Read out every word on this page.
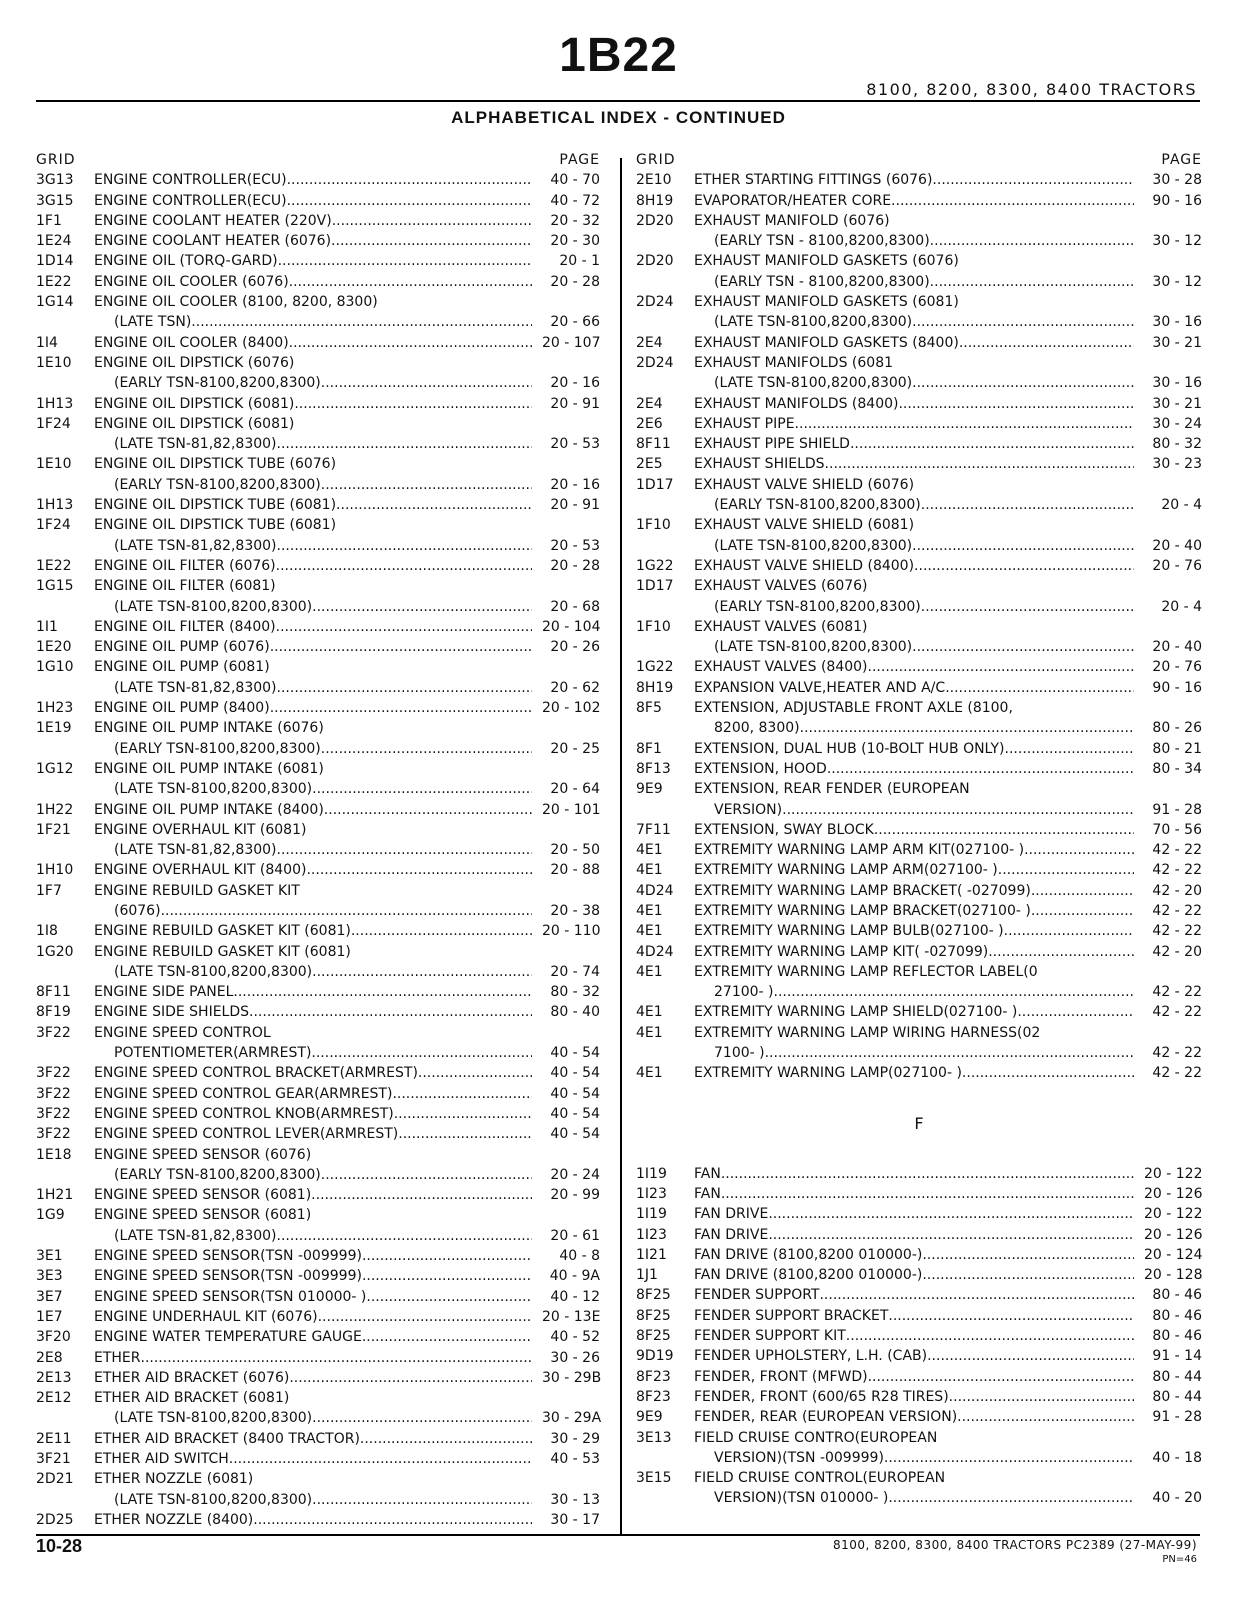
1B22
8100, 8200, 8300, 8400 TRACTORS
ALPHABETICAL INDEX - CONTINUED
GRID	PAGE
3G13	ENGINE CONTROLLER(ECU) .....	40 - 70
3G15	ENGINE CONTROLLER(ECU) .....	40 - 72
1F1	ENGINE COOLANT HEATER (220V) .....	20 - 32
1E24	ENGINE COOLANT HEATER (6076) .....	20 - 30
1D14	ENGINE OIL (TORQ-GARD) .....	20 - 1
1E22	ENGINE OIL COOLER (6076) .....	20 - 28
1G14	ENGINE OIL COOLER (8100, 8200, 8300)
(LATE TSN) .....	20 - 66
1I4	ENGINE OIL COOLER (8400) .....	20 - 107
1E10	ENGINE OIL DIPSTICK (6076)
(EARLY TSN-8100,8200,8300) .....	20 - 16
1H13	ENGINE OIL DIPSTICK (6081) .....	20 - 91
1F24	ENGINE OIL DIPSTICK (6081)
(LATE TSN-81,82,8300) .....	20 - 53
1E10	ENGINE OIL DIPSTICK TUBE (6076)
(EARLY TSN-8100,8200,8300) .....	20 - 16
1H13	ENGINE OIL DIPSTICK TUBE (6081) .....	20 - 91
1F24	ENGINE OIL DIPSTICK TUBE (6081)
(LATE TSN-81,82,8300) .....	20 - 53
1E22	ENGINE OIL FILTER (6076) .....	20 - 28
1G15	ENGINE OIL FILTER (6081)
(LATE TSN-8100,8200,8300) .....	20 - 68
1I1	ENGINE OIL FILTER (8400) .....	20 - 104
1E20	ENGINE OIL PUMP (6076) .....	20 - 26
1G10	ENGINE OIL PUMP (6081)
(LATE TSN-81,82,8300) .....	20 - 62
1H23	ENGINE OIL PUMP (8400) .....	20 - 102
1E19	ENGINE OIL PUMP INTAKE (6076)
(EARLY TSN-8100,8200,8300) .....	20 - 25
1G12	ENGINE OIL PUMP INTAKE (6081)
(LATE TSN-8100,8200,8300) .....	20 - 64
1H22	ENGINE OIL PUMP INTAKE (8400) .....	20 - 101
1F21	ENGINE OVERHAUL KIT (6081)
(LATE TSN-81,82,8300) .....	20 - 50
1H10	ENGINE OVERHAUL KIT (8400) .....	20 - 88
1F7	ENGINE REBUILD GASKET KIT
(6076) .....	20 - 38
1I8	ENGINE REBUILD GASKET KIT (6081) .....	20 - 110
1G20	ENGINE REBUILD GASKET KIT (6081)
(LATE TSN-8100,8200,8300) .....	20 - 74
8F11	ENGINE SIDE PANEL .....	80 - 32
8F19	ENGINE SIDE SHIELDS .....	80 - 40
3F22	ENGINE SPEED CONTROL
POTENTIOMETER(ARMREST) .....	40 - 54
3F22	ENGINE SPEED CONTROL BRACKET(ARMREST) .....	40 - 54
3F22	ENGINE SPEED CONTROL GEAR(ARMREST) .....	40 - 54
3F22	ENGINE SPEED CONTROL KNOB(ARMREST) .....	40 - 54
3F22	ENGINE SPEED CONTROL LEVER(ARMREST) .....	40 - 54
1E18	ENGINE SPEED SENSOR (6076)
(EARLY TSN-8100,8200,8300) .....	20 - 24
1H21	ENGINE SPEED SENSOR (6081) .....	20 - 99
1G9	ENGINE SPEED SENSOR (6081)
(LATE TSN-81,82,8300) .....	20 - 61
3E1	ENGINE SPEED SENSOR(TSN -009999) .....	40 - 8
3E3	ENGINE SPEED SENSOR(TSN -009999) .....	40 - 9A
3E7	ENGINE SPEED SENSOR(TSN 010000- ) .....	40 - 12
1E7	ENGINE UNDERHAUL KIT (6076) .....	20 - 13E
3F20	ENGINE WATER TEMPERATURE GAUGE .....	40 - 52
2E8	ETHER .....	30 - 26
2E13	ETHER AID BRACKET (6076) .....	30 - 29B
2E12	ETHER AID BRACKET (6081)
(LATE TSN-8100,8200,8300) .....	30 - 29A
2E11	ETHER AID BRACKET (8400 TRACTOR) .....	30 - 29
3F21	ETHER AID SWITCH .....	40 - 53
2D21	ETHER NOZZLE (6081)
(LATE TSN-8100,8200,8300) .....	30 - 13
2D25	ETHER NOZZLE (8400) .....	30 - 17
GRID	PAGE
2E10	ETHER STARTING FITTINGS (6076) .....	30 - 28
8H19	EVAPORATOR/HEATER CORE .....	90 - 16
2D20	EXHAUST MANIFOLD (6076)
(EARLY TSN - 8100,8200,8300) .....	30 - 12
2D20	EXHAUST MANIFOLD GASKETS (6076)
(EARLY TSN - 8100,8200,8300) .....	30 - 12
2D24	EXHAUST MANIFOLD GASKETS (6081)
(LATE TSN-8100,8200,8300) .....	30 - 16
2E4	EXHAUST MANIFOLD GASKETS (8400) .....	30 - 21
2D24	EXHAUST MANIFOLDS (6081
(LATE TSN-8100,8200,8300) .....	30 - 16
2E4	EXHAUST MANIFOLDS (8400) .....	30 - 21
2E6	EXHAUST PIPE .....	30 - 24
8F11	EXHAUST PIPE SHIELD .....	80 - 32
2E5	EXHAUST SHIELDS .....	30 - 23
1D17	EXHAUST VALVE SHIELD (6076)
(EARLY TSN-8100,8200,8300) .....	20 - 4
1F10	EXHAUST VALVE SHIELD (6081)
(LATE TSN-8100,8200,8300) .....	20 - 40
1G22	EXHAUST VALVE SHIELD (8400) .....	20 - 76
1D17	EXHAUST VALVES (6076)
(EARLY TSN-8100,8200,8300) .....	20 - 4
1F10	EXHAUST VALVES (6081)
(LATE TSN-8100,8200,8300) .....	20 - 40
1G22	EXHAUST VALVES (8400) .....	20 - 76
8H19	EXPANSION VALVE,HEATER AND A/C .....	90 - 16
8F5	EXTENSION, ADJUSTABLE FRONT AXLE (8100,
8200, 8300) .....	80 - 26
8F1	EXTENSION, DUAL HUB (10-BOLT HUB ONLY) .....	80 - 21
8F13	EXTENSION, HOOD .....	80 - 34
9E9	EXTENSION, REAR FENDER (EUROPEAN
VERSION) .....	91 - 28
7F11	EXTENSION, SWAY BLOCK .....	70 - 56
4E1	EXTREMITY WARNING LAMP ARM KIT(027100- ) .....	42 - 22
4E1	EXTREMITY WARNING LAMP ARM(027100- ) .....	42 - 22
4D24	EXTREMITY WARNING LAMP BRACKET( -027099) .....	42 - 20
4E1	EXTREMITY WARNING LAMP BRACKET(027100- ) .....	42 - 22
4E1	EXTREMITY WARNING LAMP BULB(027100- ) .....	42 - 22
4D24	EXTREMITY WARNING LAMP KIT( -027099) .....	42 - 20
4E1	EXTREMITY WARNING LAMP REFLECTOR LABEL(0
27100- ) .....	42 - 22
4E1	EXTREMITY WARNING LAMP SHIELD(027100- ) .....	42 - 22
4E1	EXTREMITY WARNING LAMP WIRING HARNESS(02
7100- ) .....	42 - 22
4E1	EXTREMITY WARNING LAMP(027100- ) .....	42 - 22
F
1I19	FAN .....	20 - 122
1I23	FAN .....	20 - 126
1I19	FAN DRIVE .....	20 - 122
1I23	FAN DRIVE .....	20 - 126
1I21	FAN DRIVE (8100,8200 010000-) .....	20 - 124
1J1	FAN DRIVE (8100,8200 010000-) .....	20 - 128
8F25	FENDER SUPPORT .....	80 - 46
8F25	FENDER SUPPORT BRACKET .....	80 - 46
8F25	FENDER SUPPORT KIT .....	80 - 46
9D19	FENDER UPHOLSTERY, L.H. (CAB) .....	91 - 14
8F23	FENDER, FRONT (MFWD) .....	80 - 44
8F23	FENDER, FRONT (600/65 R28 TIRES) .....	80 - 44
9E9	FENDER, REAR (EUROPEAN VERSION) .....	91 - 28
3E13	FIELD CRUISE CONTRO(EUROPEAN
VERSION)(TSN -009999) .....	40 - 18
3E15	FIELD CRUISE CONTROL(EUROPEAN
VERSION)(TSN 010000- ) .....	40 - 20
10-28	8100, 8200, 8300, 8400 TRACTORS PC2389 (27-MAY-99)
PN=46
